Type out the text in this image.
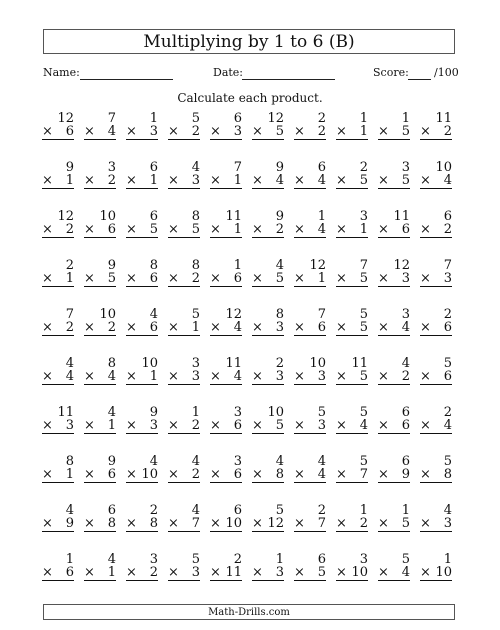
Multiplying by 1 to 6 (B)
Name:	Date:	Score: /100
Calculate each product.
12
× 6
7
× 4
1
× 3
5
× 2
6
× 3
12
× 5
2
× 2
1
× 1
1
× 5
11
× 2
9
× 1
3
× 2
6
× 1
4
× 3
7
× 1
9
× 4
6
× 4
2
× 5
3
× 5
10
× 4
12
× 2
10
× 6
6
× 5
8
× 5
11
× 1
9
× 2
1
× 4
3
× 1
11
× 6
6
× 2
2
× 1
9
× 5
8
× 6
8
× 2
1
× 6
4
× 5
12
× 1
7
× 5
12
× 3
7
× 3
7
× 2
10
× 2
4
× 6
5
× 1
12
× 4
8
× 3
7
× 6
5
× 5
3
× 4
2
× 6
4
× 4
8
× 4
10
× 1
3
× 3
11
× 4
2
× 3
10
× 3
11
× 5
4
× 2
5
× 6
11
× 3
4
× 1
9
× 3
1
× 2
3
× 6
10
× 5
5
× 3
5
× 4
6
× 6
2
× 4
8
× 1
9
× 6
4
× 10
4
× 2
3
× 6
4
× 8
4
× 4
5
× 7
6
× 9
5
× 8
4
× 9
6
× 8
2
× 8
4
× 7
6
× 10
5
× 12
2
× 7
1
× 2
1
× 5
4
× 3
1
× 6
4
× 1
3
× 2
5
× 3
2
× 11
1
× 3
6
× 5
3
× 10
5
× 4
1
× 10
Math-Drills.com
